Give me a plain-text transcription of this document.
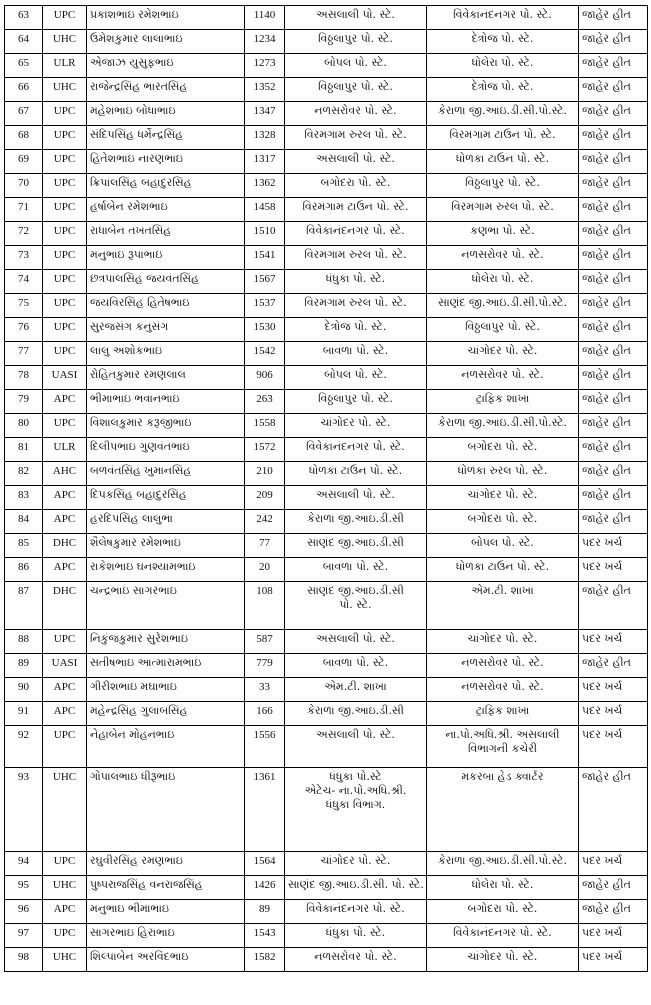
63	UPC	પ્રકાશભાઇ રમેશભાઇ	1140	અસલાલી પો. સ્ટે.	વિવેકાનંદનગર પો. સ્ટે.	જાહેર હીત
64	UHC	ઉમેશકુમાર લાલાભાઇ	1234	વિઠ્ઠલાપુર પો. સ્ટે.	દેત્રોજ પો. સ્ટે.	જાહેર હીત
65	ULR	એજાઝ યુસુફભાઇ	1273	બોપલ પો. સ્ટે.	ધોલેરા પો. સ્ટે.	જાહેર હીત
66	UHC	રાજેન્દ્રસિંહ ભારતસિંહ	1352	વિઠ્ઠલાપુર પો. સ્ટે.	દેત્રોજ પો. સ્ટે.	જાહેર હીત
67	UPC	મહેશભાઇ બોધાભાઇ	1347	નળસરોવર પો. સ્ટે.	કેરાળા જી.આઇ.ડી.સી.પો.સ્ટે.	જાહેર હીત
68	UPC	સંદિપસિંહ ધર્મેન્દ્રસિંહ	1328	વિરમગામ રુરલ પો. સ્ટે.	વિરમગામ ટાઉન પો. સ્ટે.	જાહેર હીત
69	UPC	હિતેશભાઇ નારણભાઇ	1317	અસલાલી પો. સ્ટે.	ધોળકા ટાઉન પો. સ્ટે.	જાહેર હીત
70	UPC	ક્રિપાલસિંહ બહાદુરસિંહ	1362	બગોદરા પો. સ્ટે.	વિઠ્ઠલાપુર પો. સ્ટે.	જાહેર હીત
71	UPC	હર્ષાબેન રમેશભાઇ	1458	વિરમગામ ટાઉન પો. સ્ટે.	વિરમગામ રુરલ પો. સ્ટે.	જાહેર હીત
72	UPC	રાધાબેન તખતસિંહ	1510	વિવેકાનંદનગર પો. સ્ટે.	કણભા પો. સ્ટે.	જાહેર હીત
73	UPC	મનુભાઇ રૂપાભાઇ	1541	વિરમગામ રુરલ પો. સ્ટે.	નળસરોવર પો. સ્ટે.	જાહેર હીત
74	UPC	છત્રપાલસિંહ જયવંતસિંહ	1567	ધંધુકા પો. સ્ટે.	ધોલેરા પો. સ્ટે.	જાહેર હીત
75	UPC	જયવિરસિંહ હિતેષભાઇ	1537	વિરમગામ રુરલ પો. સ્ટે.	સાણંદ જી.આઇ.ડી.સી.પો.સ્ટે.	જાહેર હીત
76	UPC	સુરજસંગ કનુસંગ	1530	દેત્રોજ પો. સ્ટે.	વિઠ્ઠલાપુર પો. સ્ટે.	જાહેર હીત
77	UPC	લાલુ અશોકભાઇ	1542	બાવળા પો. સ્ટે.	ચાંગોદર પો. સ્ટે.	જાહેર હીત
78	UASI	રોહિતકુમાર રમણલાલ	906	બોપલ પો. સ્ટે.	નળસરોવર પો. સ્ટે.	જાહેર હીત
79	APC	ભીમાભાઇ ભવાનભાઇ	263	વિઠ્ઠલાપુર પો. સ્ટે.	ટ્રાફિક શાખા	જાહેર હીત
80	UPC	વિશાલકુમાર કરૂજીભાઇ	1558	ચાંગોદર પો. સ્ટે.	કેરાળા જી.આઇ.ડી.સી.પો.સ્ટે.	જાહેર હીત
81	ULR	દિલીપભાઇ ગુણવંતભાઇ	1572	વિવેકાનંદનગર પો. સ્ટે.	બગોદરા પો. સ્ટે.	જાહેર હીત
82	AHC	બળવંતસિંહ ખુમાનસિંહ	210	ધોળકા ટાઉન પો. સ્ટે.	ધોળકા રુરલ પો. સ્ટે.	જાહેર હીત
83	APC	દિપકસિંહ બહાદુરસિંહ	209	અસલાલી પો. સ્ટે.	ચાંગોદર પો. સ્ટે.	જાહેર હીત
84	APC	હરદિપસિંહ લાલુભા	242	કેરાળા જી.આઇ.ડી.સી	બગોદરા પો. સ્ટે.	જાહેર હીત
85	DHC	શૈલેષકુમાર રમેશભાઇ	77	સાણંદ જી.આઇ.ડી.સી	બોપલ પો. સ્ટે.	પદર ખર્ચ
86	APC	રાકેશભાઇ ઘનશ્યામભાઇ	20	બાવળા પો. સ્ટે.	ધોળકા ટાઉન પો. સ્ટે.	પદર ખર્ચ
87	DHC	ચન્દ્રભાઇ સાગરભાઇ	108	સાણંદ જી.આઇ.ડી.સી
પો. સ્ટે.	એમ.ટી. શાખા	જાહેર હીત
88	UPC	નિકુંજકુમાર સુરેશભાઇ	587	અસલાલી પો. સ્ટે.	ચાંગોદર પો. સ્ટે.	પદર ખર્ચ
89	UASI	સતીષભાઇ આત્મારામભાઇ	779	બાવળા પો. સ્ટે.	નળસરોવર પો. સ્ટે.	જાહેર હીત
90	APC	ગીરીશભાઇ મઘાભાઇ	33	એમ.ટી. શાખા	નળસરોવર પો. સ્ટે.	પદર ખર્ચ
91	APC	મહેન્દ્રસિંહ ગુલાબસિંહ	166	કેરાળા જી.આઇ.ડી.સી	ટ્રાફિક શાખા	પદર ખર્ચ
92	UPC	નેહાબેન મોહનભાઇ	1556	અસલાલી પો. સ્ટે.	ના.પો.અધિ.શ્રી. અસલાલી
વિભાગની કચેરી	પદર ખર્ચ
93	UHC	ગોપાલભાઇ ધીરૂભાઇ	1361	ધંધુકા પો.સ્ટે
એટેચ- ના.પો.અધિ.શ્રી.
ધંધુકા વિભાગ.	મકરબા હેડ ક્વાર્ટર	જાહેર હીત
94	UPC	રઘુવીરસિંહ રમણભાઇ	1564	ચાંગોદર પો. સ્ટે.	કેરાળા જી.આઇ.ડી.સી.પો.સ્ટે.	પદર ખર્ચ
95	UHC	પુષ્પરાજસિંહ વનરાજસિંહ	1426	સાણંદ જી.આઇ.ડી.સી. પો. સ્ટે.	ધોલેરા પો. સ્ટે.	જાહેર હીત
96	APC	મનુભાઇ ભીમાભાઇ	89	વિવેકાનંદનગર પો. સ્ટે.	બગોદરા પો. સ્ટે.	જાહેર હીત
97	UPC	સાગરભાઇ હિરાભાઇ	1543	ધંધુકા પો. સ્ટે.	વિવેકાનંદનગર પો. સ્ટે.	પદર ખર્ચ
98	UHC	શિલ્પાબેન અરવિંદભાઇ	1582	નળસરોવર પો. સ્ટે.	ચાંગોદર પો. સ્ટે.	પદર ખર્ચ
